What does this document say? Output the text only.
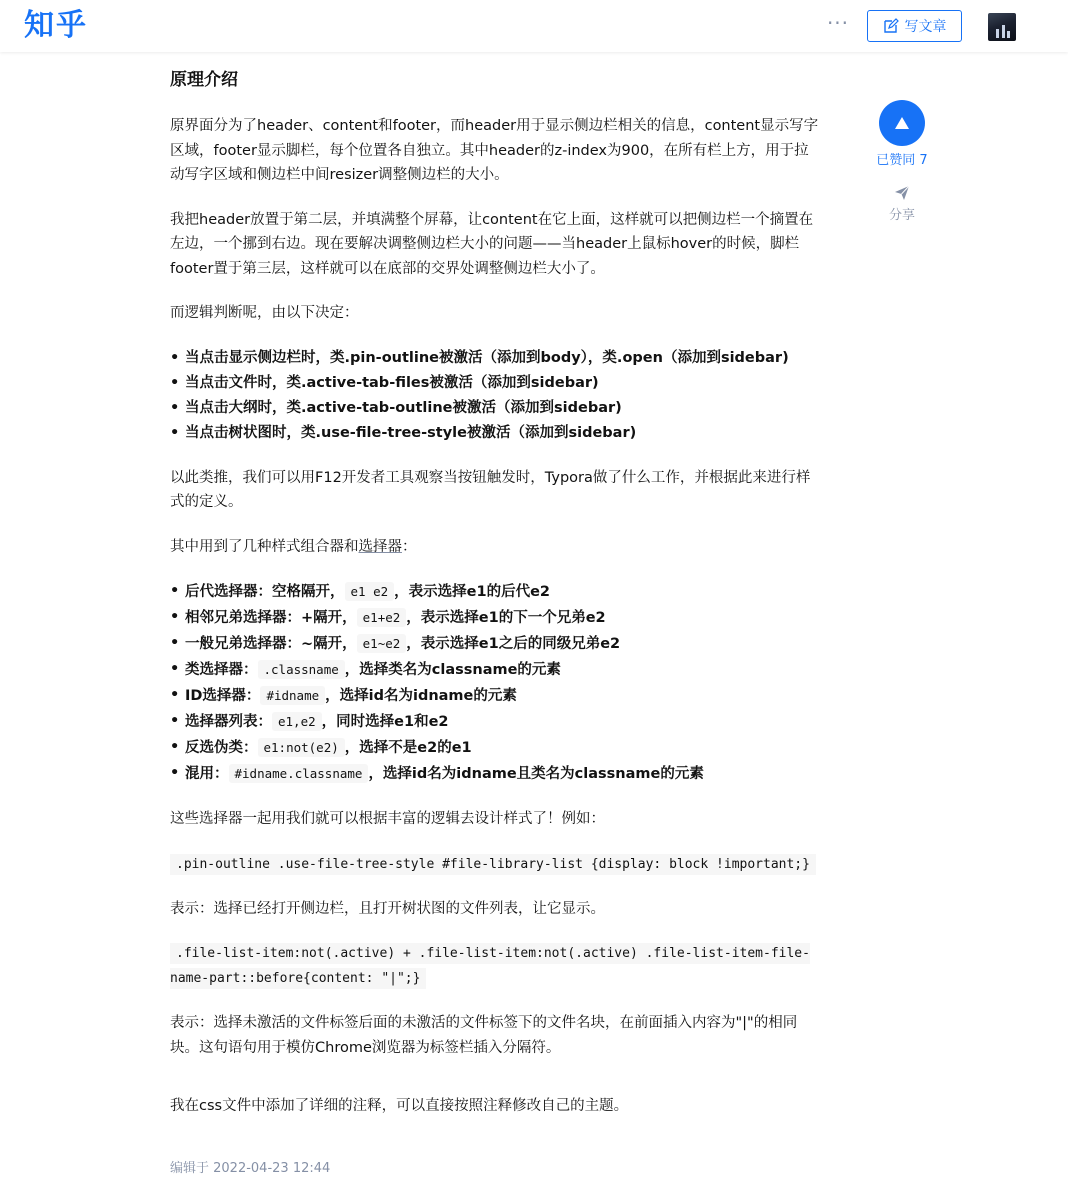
知乎	···	写文章
已赞同 7
分享
原理介绍

原界面分为了header、content和footer，而header用于显示侧边栏相关的信息，content显示写字区域，footer显示脚栏，每个位置各自独立。其中header的z-index为900，在所有栏上方，用于拉动写字区域和侧边栏中间resizer调整侧边栏的大小。

我把header放置于第二层，并填满整个屏幕，让content在它上面，这样就可以把侧边栏一个摘置在左边，一个挪到右边。现在要解决调整侧边栏大小的问题——当header上鼠标hover的时候，脚栏footer置于第三层，这样就可以在底部的交界处调整侧边栏大小了。

而逻辑判断呢，由以下决定：

• 当点击显示侧边栏时，类.pin-outline被激活（添加到body），类.open（添加到sidebar)
• 当点击文件时，类.active-tab-files被激活（添加到sidebar)
• 当点击大纲时，类.active-tab-outline被激活（添加到sidebar)
• 当点击树状图时，类.use-file-tree-style被激活（添加到sidebar)

以此类推，我们可以用F12开发者工具观察当按钮触发时，Typora做了什么工作，并根据此来进行样式的定义。

其中用到了几种样式组合器和选择器：

• 后代选择器：空格隔开， e1 e2 ，表示选择e1的后代e2
• 相邻兄弟选择器：+隔开， e1+e2 ，表示选择e1的下一个兄弟e2
• 一般兄弟选择器：~隔开， e1~e2 ，表示选择e1之后的同级兄弟e2
• 类选择器： .classname ，选择类名为classname的元素
• ID选择器： #idname ，选择id名为idname的元素
• 选择器列表： e1,e2 ，同时选择e1和e2
• 反选伪类： e1:not(e2) ，选择不是e2的e1
• 混用： #idname.classname ，选择id名为idname且类名为classname的元素

这些选择器一起用我们就可以根据丰富的逻辑去设计样式了！例如：

.pin-outline .use-file-tree-style #file-library-list {display: block !important;}

表示：选择已经打开侧边栏，且打开树状图的文件列表，让它显示。

.file-list-item:not(.active) + .file-list-item:not(.active) .file-list-item-file-name-part::before{content: "|";}

表示：选择未激活的文件标签后面的未激活的文件标签下的文件名块，在前面插入内容为"|"的相同块。这句语句用于模仿Chrome浏览器为标签栏插入分隔符。

我在css文件中添加了详细的注释，可以直接按照注释修改自己的主题。

编辑于 2022-04-23 12:44
